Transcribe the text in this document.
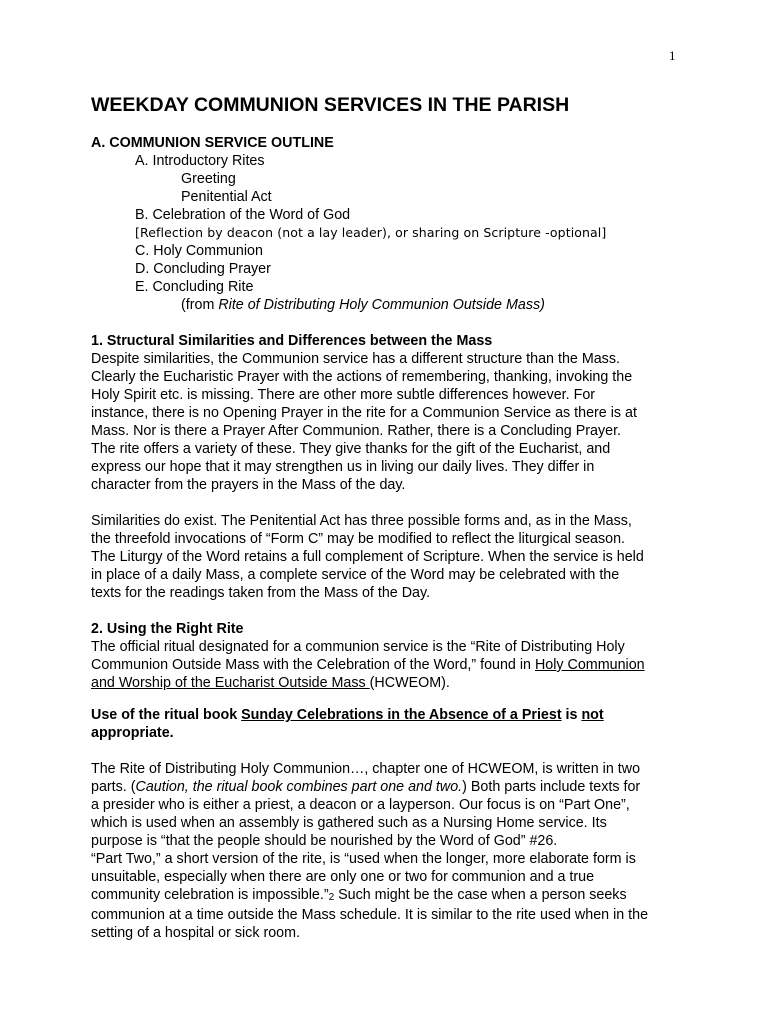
1
WEEKDAY COMMUNION SERVICES IN THE PARISH
A. COMMUNION SERVICE OUTLINE
A. Introductory Rites
Greeting
Penitential Act
B. Celebration of the Word of God
[Reflection by deacon (not a lay leader), or sharing on Scripture -optional]
C. Holy Communion
D. Concluding Prayer
E. Concluding Rite
(from Rite of Distributing Holy Communion Outside Mass)
1. Structural Similarities and Differences between the Mass
Despite similarities, the Communion service has a different structure than the Mass.
Clearly the Eucharistic Prayer with the actions of remembering, thanking, invoking the
Holy Spirit etc. is missing. There are other more subtle differences however. For
instance, there is no Opening Prayer in the rite for a Communion Service as there is at
Mass. Nor is there a Prayer After Communion. Rather, there is a Concluding Prayer.
The rite offers a variety of these. They give thanks for the gift of the Eucharist, and
express our hope that it may strengthen us in living our daily lives. They differ in
character from the prayers in the Mass of the day.
Similarities do exist. The Penitential Act has three possible forms and, as in the Mass,
the threefold invocations of “Form C” may be modified to reflect the liturgical season.
The Liturgy of the Word retains a full complement of Scripture. When the service is held
in place of a daily Mass, a complete service of the Word may be celebrated with the
texts for the readings taken from the Mass of the Day.
2. Using the Right Rite
The official ritual designated for a communion service is the “Rite of Distributing Holy
Communion Outside Mass with the Celebration of the Word,” found in Holy Communion
and Worship of the Eucharist Outside Mass (HCWEOM).
Use of the ritual book Sunday Celebrations in the Absence of a Priest is not
appropriate.
The Rite of Distributing Holy Communion…, chapter one of HCWEOM, is written in two
parts. (Caution, the ritual book combines part one and two.) Both parts include texts for
a presider who is either a priest, a deacon or a layperson. Our focus is on “Part One”,
which is used when an assembly is gathered such as a Nursing Home service. Its
purpose is “that the people should be nourished by the Word of God” #26.
“Part Two,” a short version of the rite, is “used when the longer, more elaborate form is
unsuitable, especially when there are only one or two for communion and a true
community celebration is impossible.”2 Such might be the case when a person seeks
communion at a time outside the Mass schedule. It is similar to the rite used when in the
setting of a hospital or sick room.
